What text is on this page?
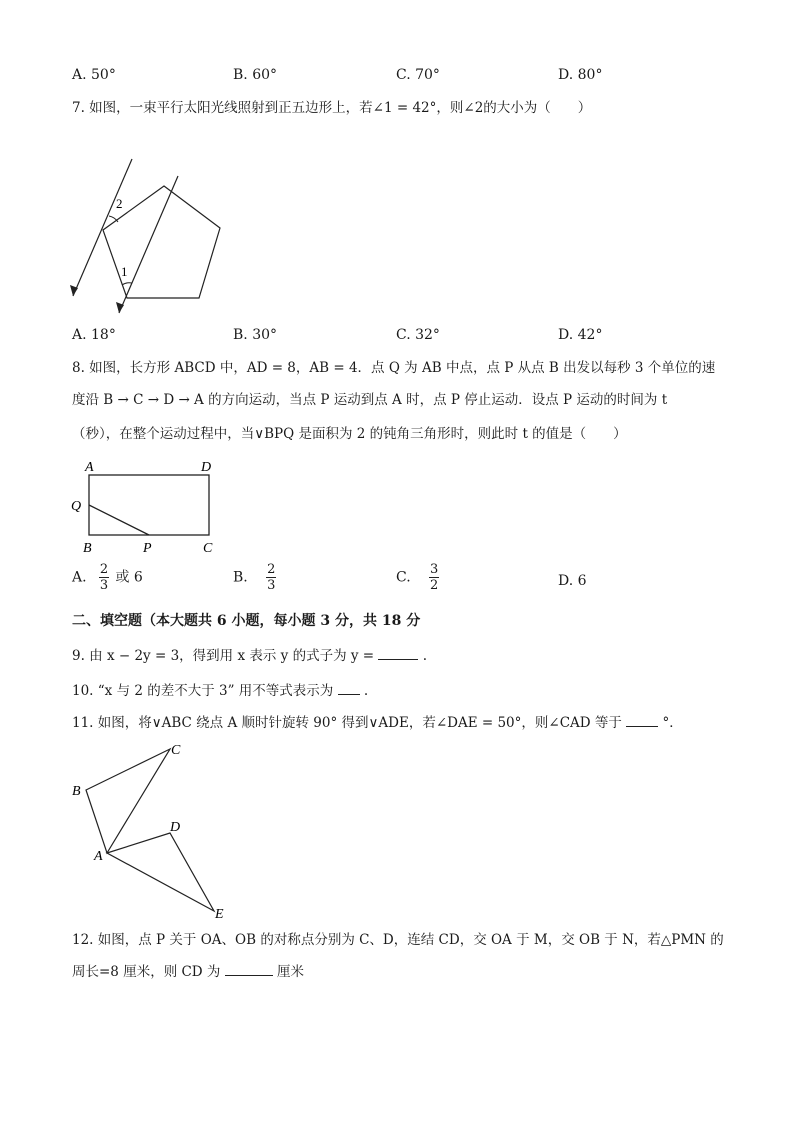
A. 50°	B. 60°	C. 70°	D. 80°
7. 如图，一束平行太阳光线照射到正五边形上，若∠1 = 42°，则∠2的大小为（　　）
2
1
A. 18°	B. 30°	C. 32°	D. 42°
8. 如图，长方形 ABCD 中，AD = 8，AB = 4．点 Q 为 AB 中点，点 P 从点 B 出发以每秒 3 个单位的速
度沿 B → C → D → A 的方向运动，当点 P 运动到点 A 时，点 P 停止运动．设点 P 运动的时间为 t
（秒），在整个运动过程中，当∨BPQ 是面积为 2 的钝角三角形时，则此时 t 的值是（　　）
A	D
Q
B	P	C
A. $\frac{2}{3}$ 或 6	B. $\frac{2}{3}$	C. $\frac{3}{2}$	D. 6
二、填空题（本大题共 6 小题，每小题 3 分，共 18 分
9. 由 x − 2y = 3，得到用 x 表示 y 的式子为 y =	.
10. “x 与 2 的差不大于 3” 用不等式表示为 .
11. 如图，将∨ABC 绕点 A 顺时针旋转 90° 得到∨ADE，若∠DAE = 50°，则∠CAD 等于	°．
B
C
A
D
E
12. 如图，点 P 关于 OA、OB 的对称点分别为 C、D，连结 CD，交 OA 于 M，交 OB 于 N，若△PMN 的
周长=8 厘米，则 CD 为	厘米
